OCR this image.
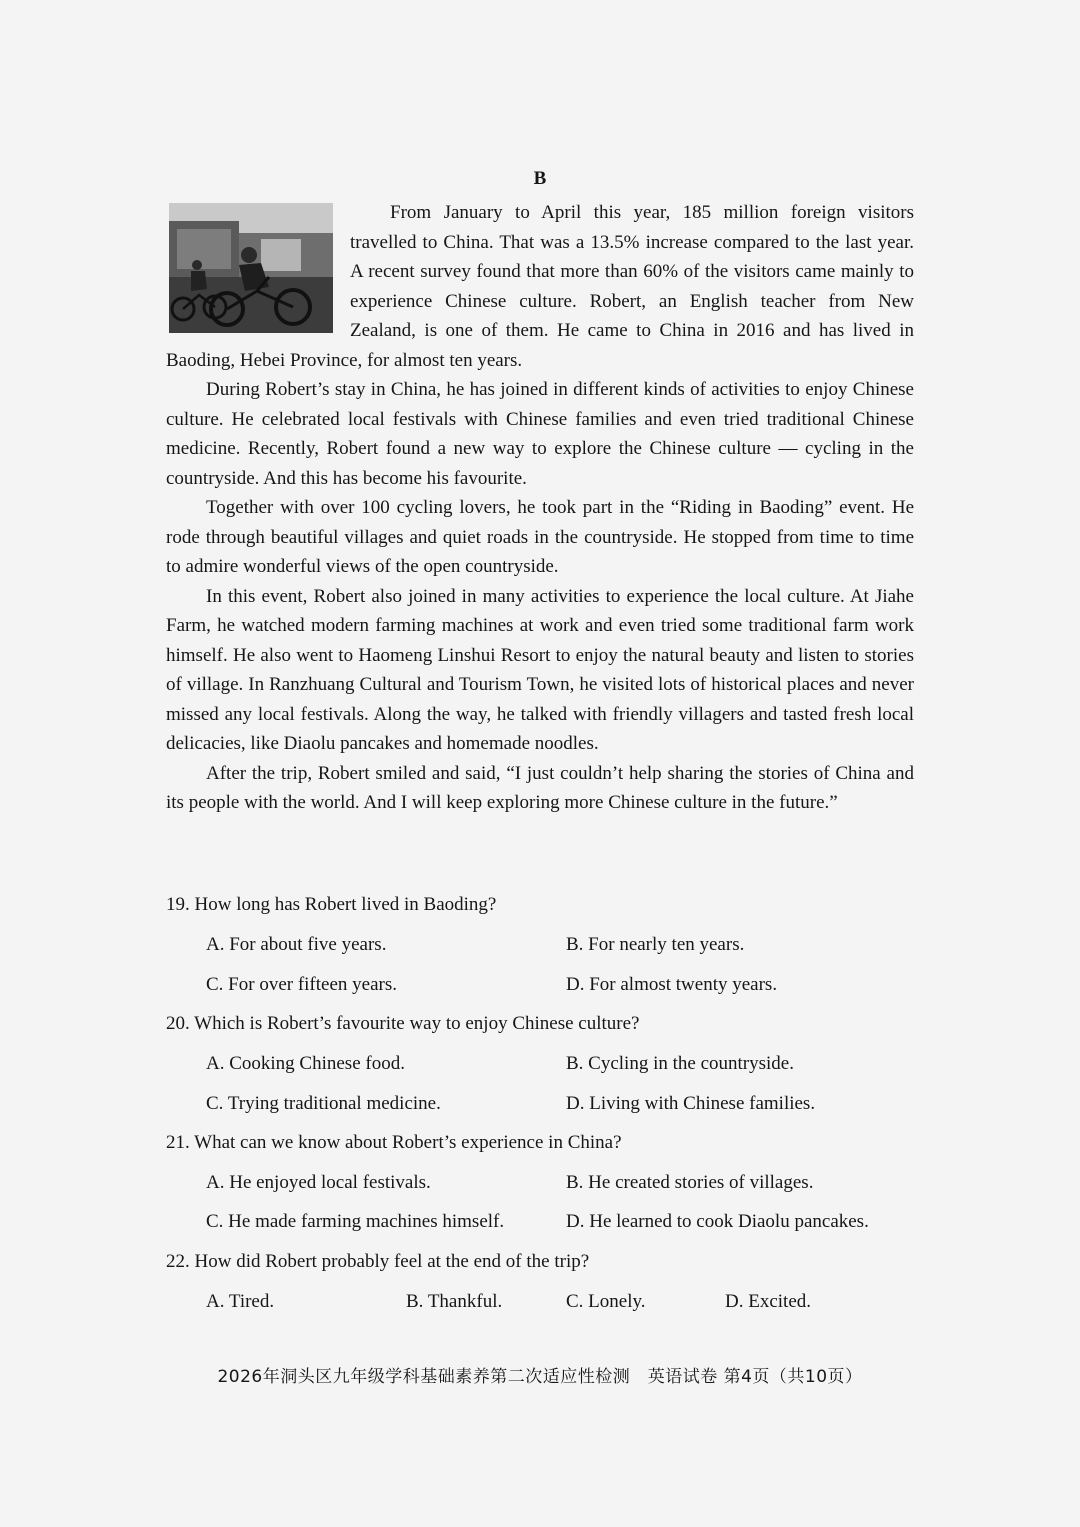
B

From January to April this year, 185 million foreign visitors travelled to China. That was a 13.5% increase compared to the last year. A recent survey found that more than 60% of the visitors came mainly to experience Chinese culture. Robert, an English teacher from New Zealand, is one of them. He came to China in 2016 and has lived in Baoding, Hebei Province, for almost ten years.

During Robert’s stay in China, he has joined in different kinds of activities to enjoy Chinese culture. He celebrated local festivals with Chinese families and even tried traditional Chinese medicine. Recently, Robert found a new way to explore the Chinese culture — cycling in the countryside. And this has become his favourite.

Together with over 100 cycling lovers, he took part in the “Riding in Baoding” event. He rode through beautiful villages and quiet roads in the countryside. He stopped from time to time to admire wonderful views of the open countryside.

In this event, Robert also joined in many activities to experience the local culture. At Jiahe Farm, he watched modern farming machines at work and even tried some traditional farm work himself. He also went to Haomeng Linshui Resort to enjoy the natural beauty and listen to stories of village. In Ranzhuang Cultural and Tourism Town, he visited lots of historical places and never missed any local festivals. Along the way, he talked with friendly villagers and tasted fresh local delicacies, like Diaolu pancakes and homemade noodles.

After the trip, Robert smiled and said, “I just couldn’t help sharing the stories of China and its people with the world. And I will keep exploring more Chinese culture in the future.”

19. How long has Robert lived in Baoding?
A. For about five years.	B. For nearly ten years.
C. For over fifteen years.	D. For almost twenty years.
20. Which is Robert’s favourite way to enjoy Chinese culture?
A. Cooking Chinese food.	B. Cycling in the countryside.
C. Trying traditional medicine.	D. Living with Chinese families.
21. What can we know about Robert’s experience in China?
A. He enjoyed local festivals.	B. He created stories of villages.
C. He made farming machines himself.	D. He learned to cook Diaolu pancakes.
22. How did Robert probably feel at the end of the trip?
A. Tired.	B. Thankful.	C. Lonely.	D. Excited.
2026年洞头区九年级学科基础素养第二次适应性检测　英语试卷 第4页（共10页）
